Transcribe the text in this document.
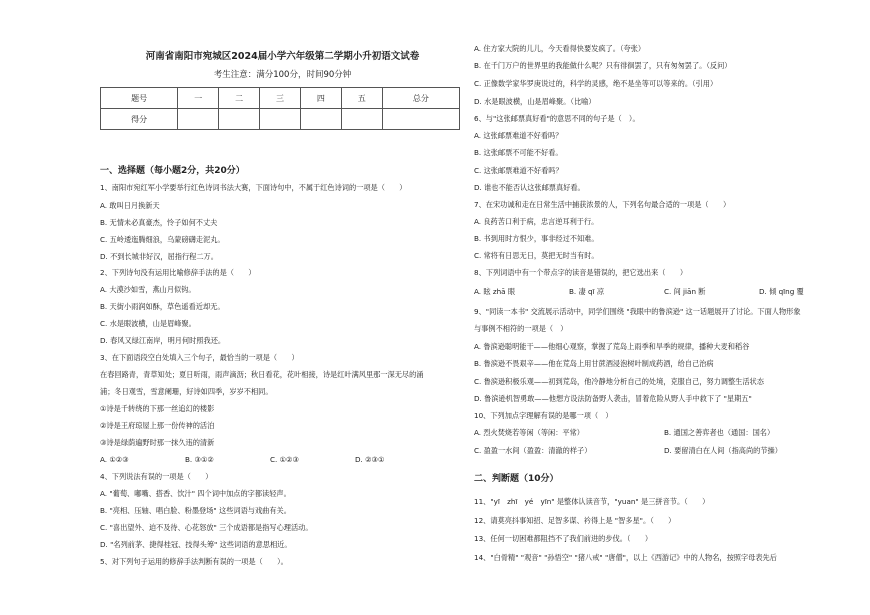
河南省南阳市宛城区2024届小学六年级第二学期小升初语文试卷
考生注意：满分100分，时间90分钟
题号	一	二	三	四	五	总分
得分						
一、选择题（每小题2分，共20分）
1、南阳市宛红军小学要举行红色诗词书法大赛，下面诗句中，不属于红色诗词的一项是（　　）
A. 敢叫日月换新天
B. 无情未必真豪杰，怜子如何不丈夫
C. 五岭逶迤腾细浪，乌蒙磅礴走泥丸。
D. 不到长城非好汉，屈指行程二万。
2、下列诗句没有运用比喻修辞手法的是（　　）
A. 大漠沙如雪，燕山月似钩。
B. 天街小雨润如酥，草色遥看近却无。
C. 水是眼波横，山是眉峰聚。
D. 春风又绿江南岸，明月何时照我还。
3、在下面语段空白处填入三个句子，最恰当的一项是（　　）
在春回路青，青草知处；夏日听雨，雨声滴沥；秋日看花，花叶相接，诗是红叶满风里那一深无尽的涌
浦；冬日观雪，雪意阑珊，好诗如四季，岁岁不相同。
①诗是千转绕的下那一丝追幻的楼影
②诗是王府琼屋上那一份传神的活泊
③诗是绿荫遍野时那一抹久违的清新
A. ①②③	B. ③①②	C. ①②③	D. ②③①
4、下列说法有误的一项是（　　）
A. "葡萄、嘟嘴、搭香、饮汁" 四个词中加点的字都读轻声。
B. "亮相、压轴、唱白脸、粉墨登场" 这些词语与戏曲有关。
C. "喜出望外、迫不及待、心花怒放" 三个成语都是指写心理活动。
D. "名列前茅、捷得桂冠、技得头筹" 这些词语的意思相近。
5、对下列句子运用的修辞手法判断有误的一项是（　　）。
A. 住方家大院的儿儿，今天看得快要发疯了。（夸张）
B. 在千门万户的世界里的我能做什么呢？只有徘徊罢了，只有匆匆罢了。（反问）
C. 正像数学家华罗庚说过的，科学的灵感，绝不是坐等可以等来的。（引用）
D. 水是眼波横，山是眉峰聚。（比喻）
6、与"这张邮票真好看"的意思不同的句子是（　）。
A. 这张邮票难道不好看吗？
B. 这张邮票不可能不好看。
C. 这张邮票难道不好看吗？
D. 谁也不能否认这张邮票真好看。
7、在宋功诚和走在日常生活中捕获浓景的人，下列名句最合适的一项是（　　）
A. 良药苦口利于病，忠言逆耳利于行。
B. 书到用时方恨少，事非经过不知难。
C. 常将有日思无日，莫把无时当有时。
8、下列词语中有一个带点字的读音是错误的，把它选出来（　　）
A. 眩 zhā 眼	B. 凄 qī 凉	C. 间 jiān 断	D. 倾 qīng 覆
9、"同读一本书" 交流展示活动中，同学们围绕 "我眼中的鲁滨逊" 这一话题展开了讨论。下面人物形象
与事例不相符的一项是（　）
A. 鲁滨逊聪明能干——他细心观察，掌握了荒岛上雨季和旱季的规律，播种大麦和稻谷
B. 鲁滨逊不畏艰辛——他在荒岛上用甘蔗酒浸泡树叶制成药酒，给自己治病
C. 鲁滨逊积极乐观——初到荒岛，他冷静地分析自己的处境，克服自己，努力调整生活状态
D. 鲁滨逊机智勇敢——他想方设法防备野人袭击，冒着危险从野人手中救下了 "星期五"
10、下列加点字理解有误的是哪一项（　）
A. 烈火焚烧若等闲（等闲：平常）	B. 通国之善弈者也（通国：国名）
C. 盈盈一水间（盈盈：清澈的样子）	D. 要留清白在人间（指高尚的节操）
二、判断题（10分）
11、"yī　zhī　yé　yīn" 是整体认读音节，"yuan" 是三拼音节。（　　）
12、请莫亮抖事知招、足智多谋、衿得上是 "智多星"。（　　）
13、任何一切困难都阻挡不了我们前进的步伐。（　　）
14、"白骨精" "观音" "孙悟空" "猪八戒" "唐僧"，以上《西游记》中的人物名，按照字母表先后
